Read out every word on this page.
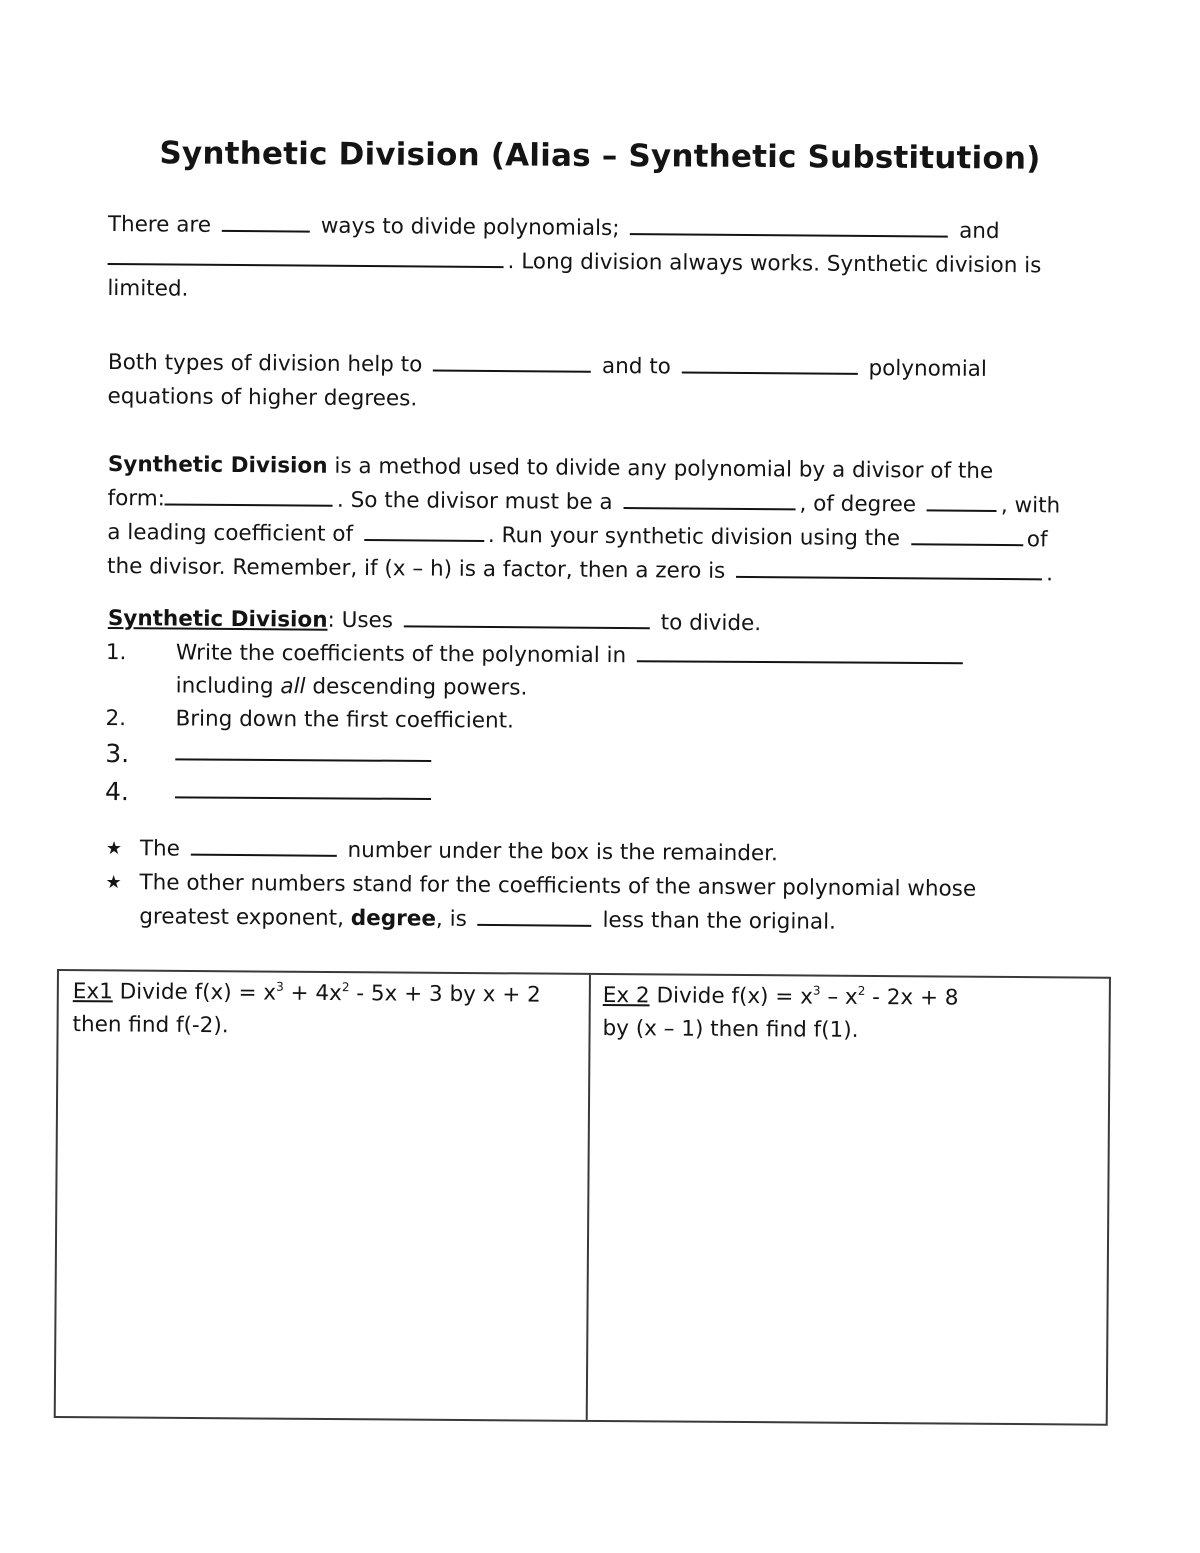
Synthetic Division (Alias – Synthetic Substitution)
There are	ways to divide polynomials;	and
. Long division always works. Synthetic division is
limited.
Both types of division help to	and to	polynomial
equations of higher degrees.
Synthetic Division is a method used to divide any polynomial by a divisor of the
form:	. So the divisor must be a	, of degree	, with
a leading coefficient of	. Run your synthetic division using the	of
the divisor. Remember, if (x – h) is a factor, then a zero is	.
Synthetic Division: Uses	to divide.
1. Write the coefficients of the polynomial in
including all descending powers.
2. Bring down the first coefficient.
3.
4.
★ The	number under the box is the remainder.
★ The other numbers stand for the coefficients of the answer polynomial whose
greatest exponent, degree, is	less than the original.
Ex1 Divide $f(x) = x^3 + 4x^2 - 5x + 3$ by x + 2
then find f(-2).
Ex 2 Divide $f(x) = x^3 - x^2 - 2x + 8$
by (x – 1) then find f(1).
